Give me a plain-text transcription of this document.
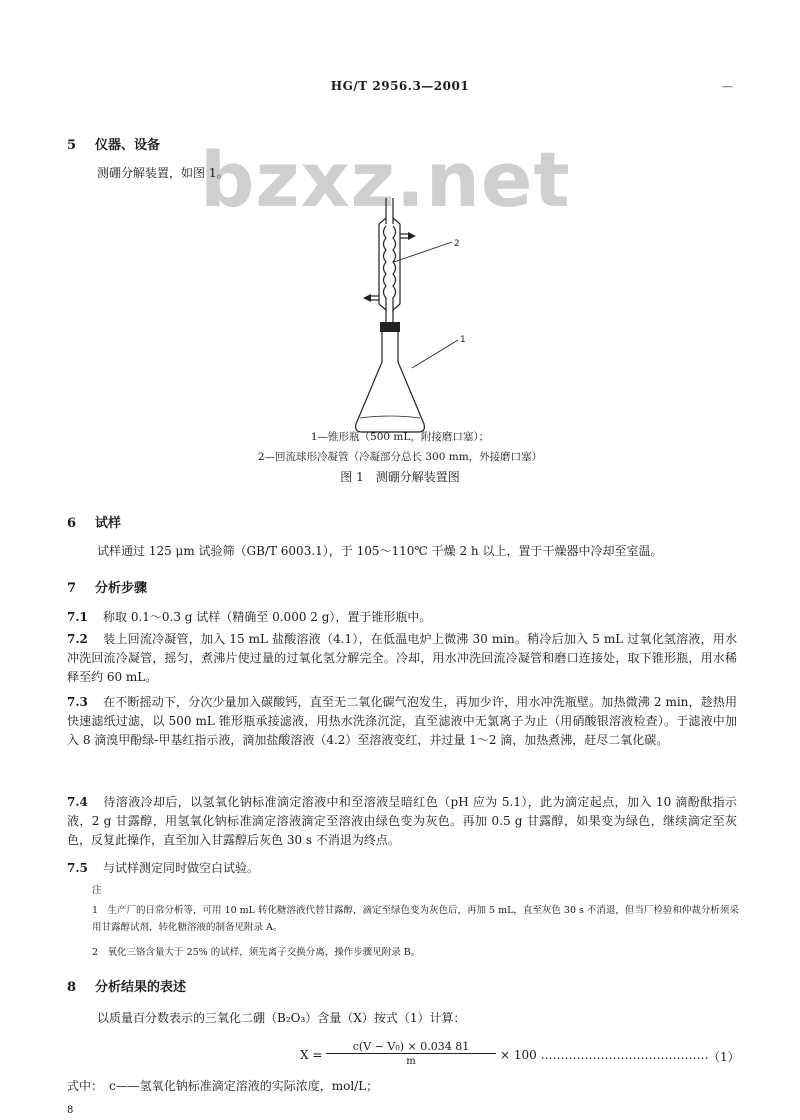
HG/T 2956.3—2001	—
bzxz.net
5 仪器、设备
测硼分解装置，如图 1。
2
1
1—锥形瓶（500 mL，附接磨口塞）；
2—回流球形冷凝管（冷凝部分总长 300 mm，外接磨口塞）
图 1　测硼分解装置图
6 试样
试样通过 125 μm 试验筛（GB/T 6003.1），于 105～110℃ 干燥 2 h 以上，置于干燥器中冷却至室温。
7 分析步骤
7.1 称取 0.1～0.3 g 试样（精确至 0.000 2 g），置于锥形瓶中。
7.2 装上回流冷凝管，加入 15 mL 盐酸溶液（4.1），在低温电炉上微沸 30 min。稍冷后加入 5 mL 过氧化氢溶液，用水冲洗回流冷凝管，摇匀，煮沸片使过量的过氧化氢分解完全。冷却，用水冲洗回流冷凝管和磨口连接处，取下锥形瓶，用水稀释至约 60 mL。
7.3 在不断摇动下，分次少量加入碳酸钙，直至无二氧化碳气泡发生，再加少许，用水冲洗瓶壁。加热微沸 2 min，趁热用快速滤纸过滤，以 500 mL 锥形瓶承接滤液，用热水洗涤沉淀，直至滤液中无氯离子为止（用硝酸银溶液检查）。于滤液中加入 8 滴溴甲酚绿-甲基红指示液，滴加盐酸溶液（4.2）至溶液变红，并过量 1～2 滴，加热煮沸，赶尽二氧化碳。
7.4 待溶液冷却后，以氢氧化钠标准滴定溶液中和至溶液呈暗红色（pH 应为 5.1），此为滴定起点，加入 10 滴酚酞指示液，2 g 甘露醇，用氢氧化钠标准滴定溶液滴定至溶液由绿色变为灰色。再加 0.5 g 甘露醇，如果变为绿色，继续滴定至灰色，反复此操作，直至加入甘露醇后灰色 30 s 不消退为终点。
7.5 与试样测定同时做空白试验。
注
1　生产厂的日常分析等，可用 10 mL 转化糖溶液代替甘露醇，滴定至绿色变为灰色后，再加 5 mL，直至灰色 30 s 不消退，但当厂检验和仲裁分析须采用甘露醇试剂，转化糖溶液的制备见附录 A。
2　氧化三铬含量大于 25% 的试样，须先离子交换分离，操作步骤见附录 B。
8 分析结果的表述
以质量百分数表示的三氧化二硼（B₂O₃）含量（X）按式（1）计算：
X =
c(V − V₀) × 0.034 81
m	× 100 …………………………………… （1）
式中：　c——氢氧化钠标准滴定溶液的实际浓度，mol/L；
8
